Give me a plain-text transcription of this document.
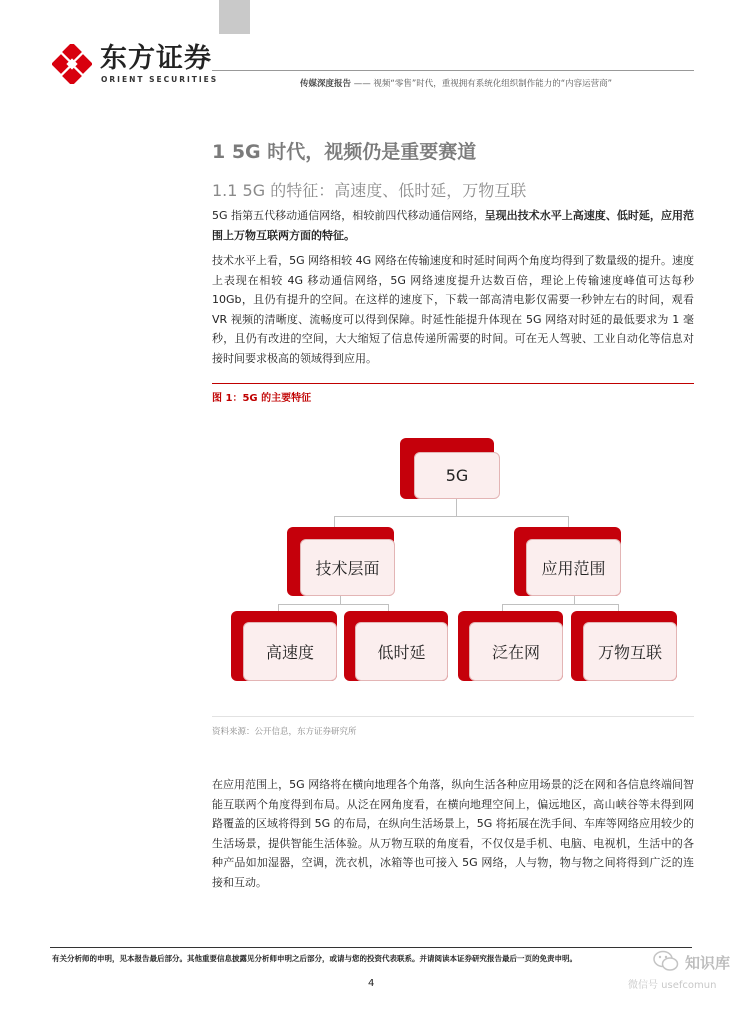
东方证券
ORIENT SECURITIES	传媒深度报告 —— 视频“零售”时代，重视拥有系统化组织制作能力的“内容运营商”
1 5G 时代，视频仍是重要赛道
1.1 5G 的特征：高速度、低时延，万物互联
5G 指第五代移动通信网络，相较前四代移动通信网络，呈现出技术水平上高速度、低时延，应用范围上万物互联两方面的特征。
技术水平上看，5G 网络相较 4G 网络在传输速度和时延时间两个角度均得到了数量级的提升。速度上表现在相较 4G 移动通信网络，5G 网络速度提升达数百倍，理论上传输速度峰值可达每秒 10Gb，且仍有提升的空间。在这样的速度下，下载一部高清电影仅需要一秒钟左右的时间，观看 VR 视频的清晰度、流畅度可以得到保障。时延性能提升体现在 5G 网络对时延的最低要求为 1 毫秒，且仍有改进的空间，大大缩短了信息传递所需要的时间。可在无人驾驶、工业自动化等信息对接时间要求极高的领域得到应用。
图 1：5G 的主要特征
5G
技术层面	应用范围
高速度	低时延	泛在网	万物互联
资料来源：公开信息，东方证券研究所
在应用范围上，5G 网络将在横向地理各个角落，纵向生活各种应用场景的泛在网和各信息终端间智能互联两个角度得到布局。从泛在网角度看，在横向地理空间上，偏远地区，高山峡谷等未得到网路覆盖的区域将得到 5G 的布局，在纵向生活场景上，5G 将拓展在洗手间、车库等网络应用较少的生活场景，提供智能生活体验。从万物互联的角度看，不仅仅是手机、电脑、电视机，生活中的各种产品如加湿器，空调，洗衣机，冰箱等也可接入 5G 网络，人与物，物与物之间将得到广泛的连接和互动。
有关分析师的申明，见本报告最后部分。其他重要信息披露见分析师申明之后部分，或请与您的投资代表联系。并请阅读本证券研究报告最后一页的免责申明。
4
知识库
微信号 usefcomun
